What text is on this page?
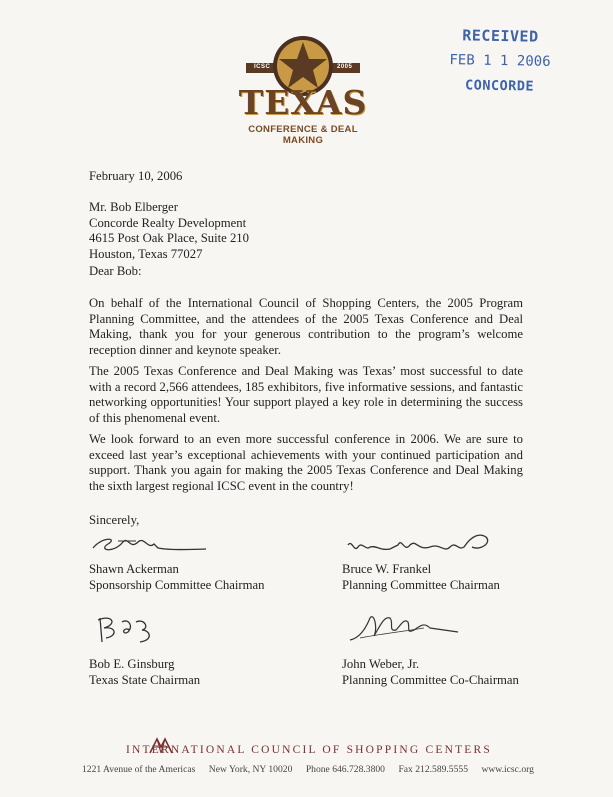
ICSC	2005
TEXAS
CONFERENCE & DEAL MAKING
RECEIVED
FEB 1 1 2006
CONCORDE
February 10, 2006
Mr. Bob Elberger
Concorde Realty Development
4615 Post Oak Place, Suite 210
Houston, Texas 77027
Dear Bob:
On behalf of the International Council of Shopping Centers, the 2005 Program Planning Committee, and the attendees of the 2005 Texas Conference and Deal Making, thank you for your generous contribution to the program’s welcome reception dinner and keynote speaker.
The 2005 Texas Conference and Deal Making was Texas’ most successful to date with a record 2,566 attendees, 185 exhibitors, five informative sessions, and fantastic networking opportunities! Your support played a key role in determining the success of this phenomenal event.
We look forward to an even more successful conference in 2006. We are sure to exceed last year’s exceptional achievements with your continued participation and support. Thank you again for making the 2005 Texas Conference and Deal Making the sixth largest regional ICSC event in the country!
Sincerely,
Shawn Ackerman
Sponsorship Committee Chairman
Bruce W. Frankel
Planning Committee Chairman
Bob E. Ginsburg
Texas State Chairman
John Weber, Jr.
Planning Committee Co-Chairman
INTERNATIONAL COUNCIL OF SHOPPING CENTERS
1221 Avenue of the Americas New York, NY 10020 Phone 646.728.3800 Fax 212.589.5555 www.icsc.org
